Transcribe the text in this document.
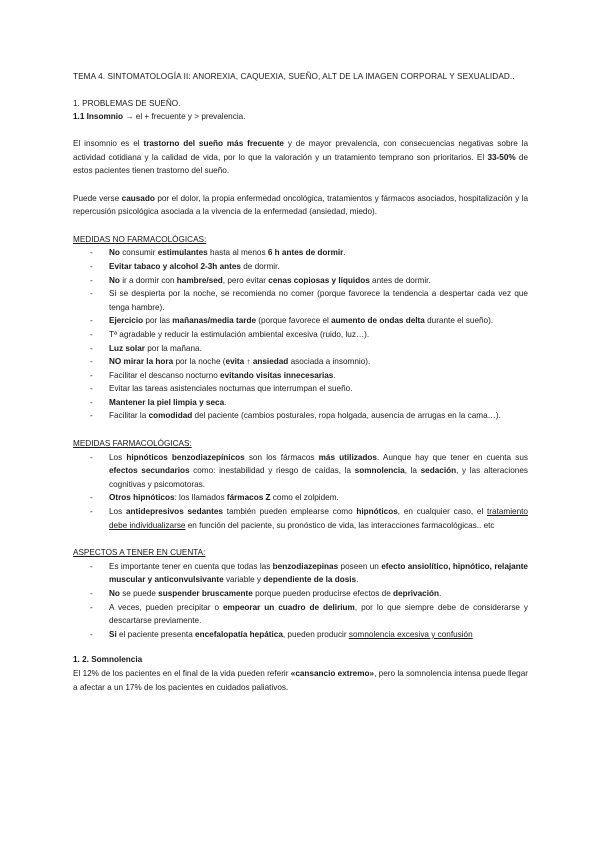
TEMA 4. SINTOMATOLOGÍA II: ANOREXIA, CAQUEXIA, SUEÑO, ALT DE LA IMAGEN CORPORAL Y SEXUALIDAD..
1. PROBLEMAS DE SUEÑO.
1.1 Insomnio → el + frecuente y > prevalencia.
El insomnio es el trastorno del sueño más frecuente y de mayor prevalencia, con consecuencias negativas sobre la actividad cotidiana y la calidad de vida, por lo que la valoración y un tratamiento temprano son prioritarios. El 33-50% de estos pacientes tienen trastorno del sueño.
Puede verse causado por el dolor, la propia enfermedad oncológica, tratamientos y fármacos asociados, hospitalización y la repercusión psicológica asociada a la vivencia de la enfermedad (ansiedad, miedo).
MEDIDAS NO FARMACOLÓGICAS:
- No consumir estimulantes hasta al menos 6 h antes de dormir.
- Evitar tabaco y alcohol 2-3h antes de dormir.
- No ir a dormir con hambre/sed, pero evitar cenas copiosas y líquidos antes de dormir.
- Si se despierta por la noche, se recomienda no comer (porque favorece la tendencia a despertar cada vez que tenga hambre).
- Ejercicio por las mañanas/media tarde (porque favorece el aumento de ondas delta durante el sueño).
- Tª agradable y reducir la estimulación ambiental excesiva (ruido, luz…).
- Luz solar por la mañana.
- NO mirar la hora por la noche (evita ↑ ansiedad asociada a insomnio).
- Facilitar el descanso nocturno evitando visitas innecesarias.
- Evitar las tareas asistenciales nocturnas que interrumpan el sueño.
- Mantener la piel limpia y seca.
- Facilitar la comodidad del paciente (cambios posturales, ropa holgada, ausencia de arrugas en la cama…).
MEDIDAS FARMACOLÓGICAS:
- Los hipnóticos benzodiazepínicos son los fármacos más utilizados. Aunque hay que tener en cuenta sus efectos secundarios como: inestabilidad y riesgo de caídas, la somnolencia, la sedación, y las alteraciones cognitivas y psicomotoras.
- Otros hipnóticos: los llamados fármacos Z como el zolpidem.
- Los antidepresivos sedantes también pueden emplearse como hipnóticos, en cualquier caso, el tratamiento debe individualizarse en función del paciente, su pronóstico de vida, las interacciones farmacológicas.. etc
ASPECTOS A TENER EN CUENTA:
- Es importante tener en cuenta que todas las benzodiazepinas poseen un efecto ansiolítico, hipnótico, relajante muscular y anticonvulsivante variable y dependiente de la dosis.
- No se puede suspender bruscamente porque pueden producirse efectos de deprivación.
- A veces, pueden precipitar o empeorar un cuadro de delirium, por lo que siempre debe de considerarse y descartarse previamente.
- Si el paciente presenta encefalopatía hepática, pueden producir somnolencia excesiva y confusión
1. 2. Somnolencia
El 12% de los pacientes en el final de la vida pueden referir «cansancio extremo», pero la somnolencia intensa puede llegar a afectar a un 17% de los pacientes en cuidados paliativos.
